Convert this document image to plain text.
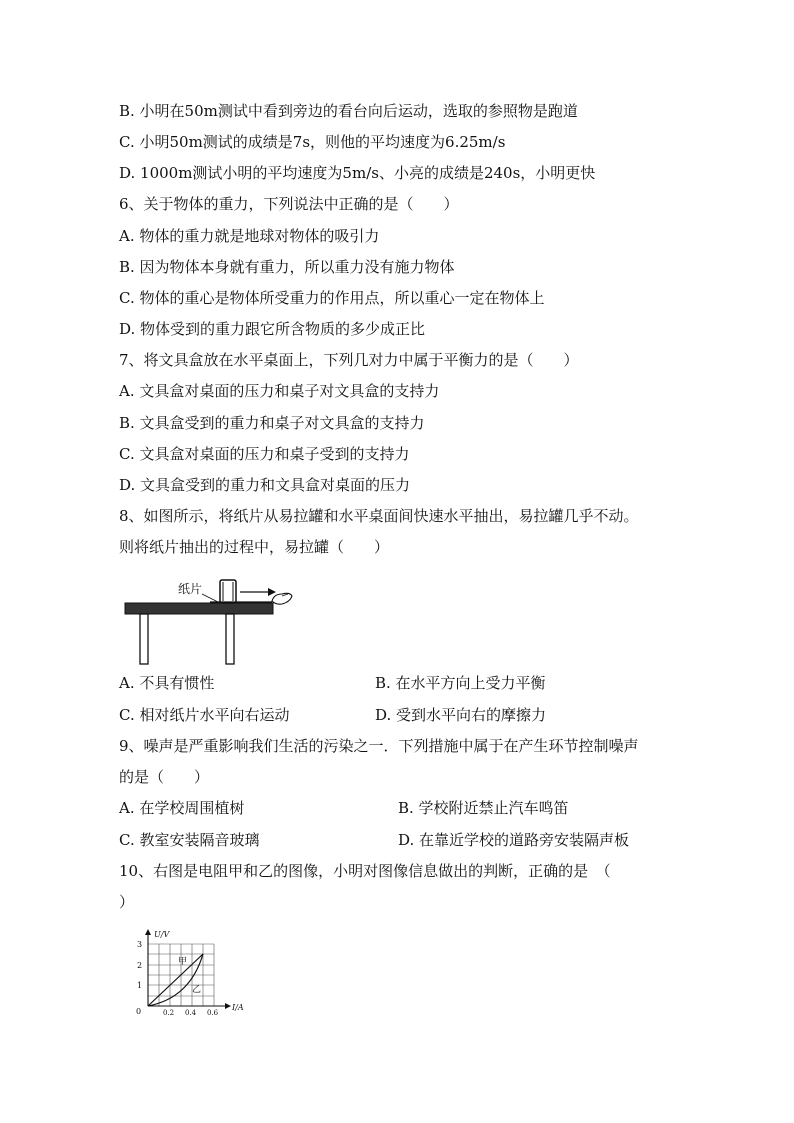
B. 小明在50m测试中看到旁边的看台向后运动，选取的参照物是跑道
C. 小明50m测试的成绩是7s，则他的平均速度为6.25m/s
D. 1000m测试小明的平均速度为5m/s、小亮的成绩是240s，小明更快
6、关于物体的重力，下列说法中正确的是（　　）
A. 物体的重力就是地球对物体的吸引力
B. 因为物体本身就有重力，所以重力没有施力物体
C. 物体的重心是物体所受重力的作用点，所以重心一定在物体上
D. 物体受到的重力跟它所含物质的多少成正比
7、将文具盒放在水平桌面上，下列几对力中属于平衡力的是（　　）
A. 文具盒对桌面的压力和桌子对文具盒的支持力
B. 文具盒受到的重力和桌子对文具盒的支持力
C. 文具盒对桌面的压力和桌子受到的支持力
D. 文具盒受到的重力和文具盒对桌面的压力
8、如图所示，将纸片从易拉罐和水平桌面间快速水平抽出，易拉罐几乎不动。
则将纸片抽出的过程中，易拉罐（　　）
纸片
A. 不具有惯性	B. 在水平方向上受力平衡
C. 相对纸片水平向右运动	D. 受到水平向右的摩擦力
9、噪声是严重影响我们生活的污染之一．下列措施中属于在产生环节控制噪声
的是（　　）
A. 在学校周围植树	B. 学校附近禁止汽车鸣笛
C. 教室安装隔音玻璃	D. 在靠近学校的道路旁安装隔声板
10、右图是电阻甲和乙的图像，小明对图像信息做出的判断，正确的是　（
）
U/V
I/A
0
1
2
3
0.2 0.4 0.6
甲
乙
